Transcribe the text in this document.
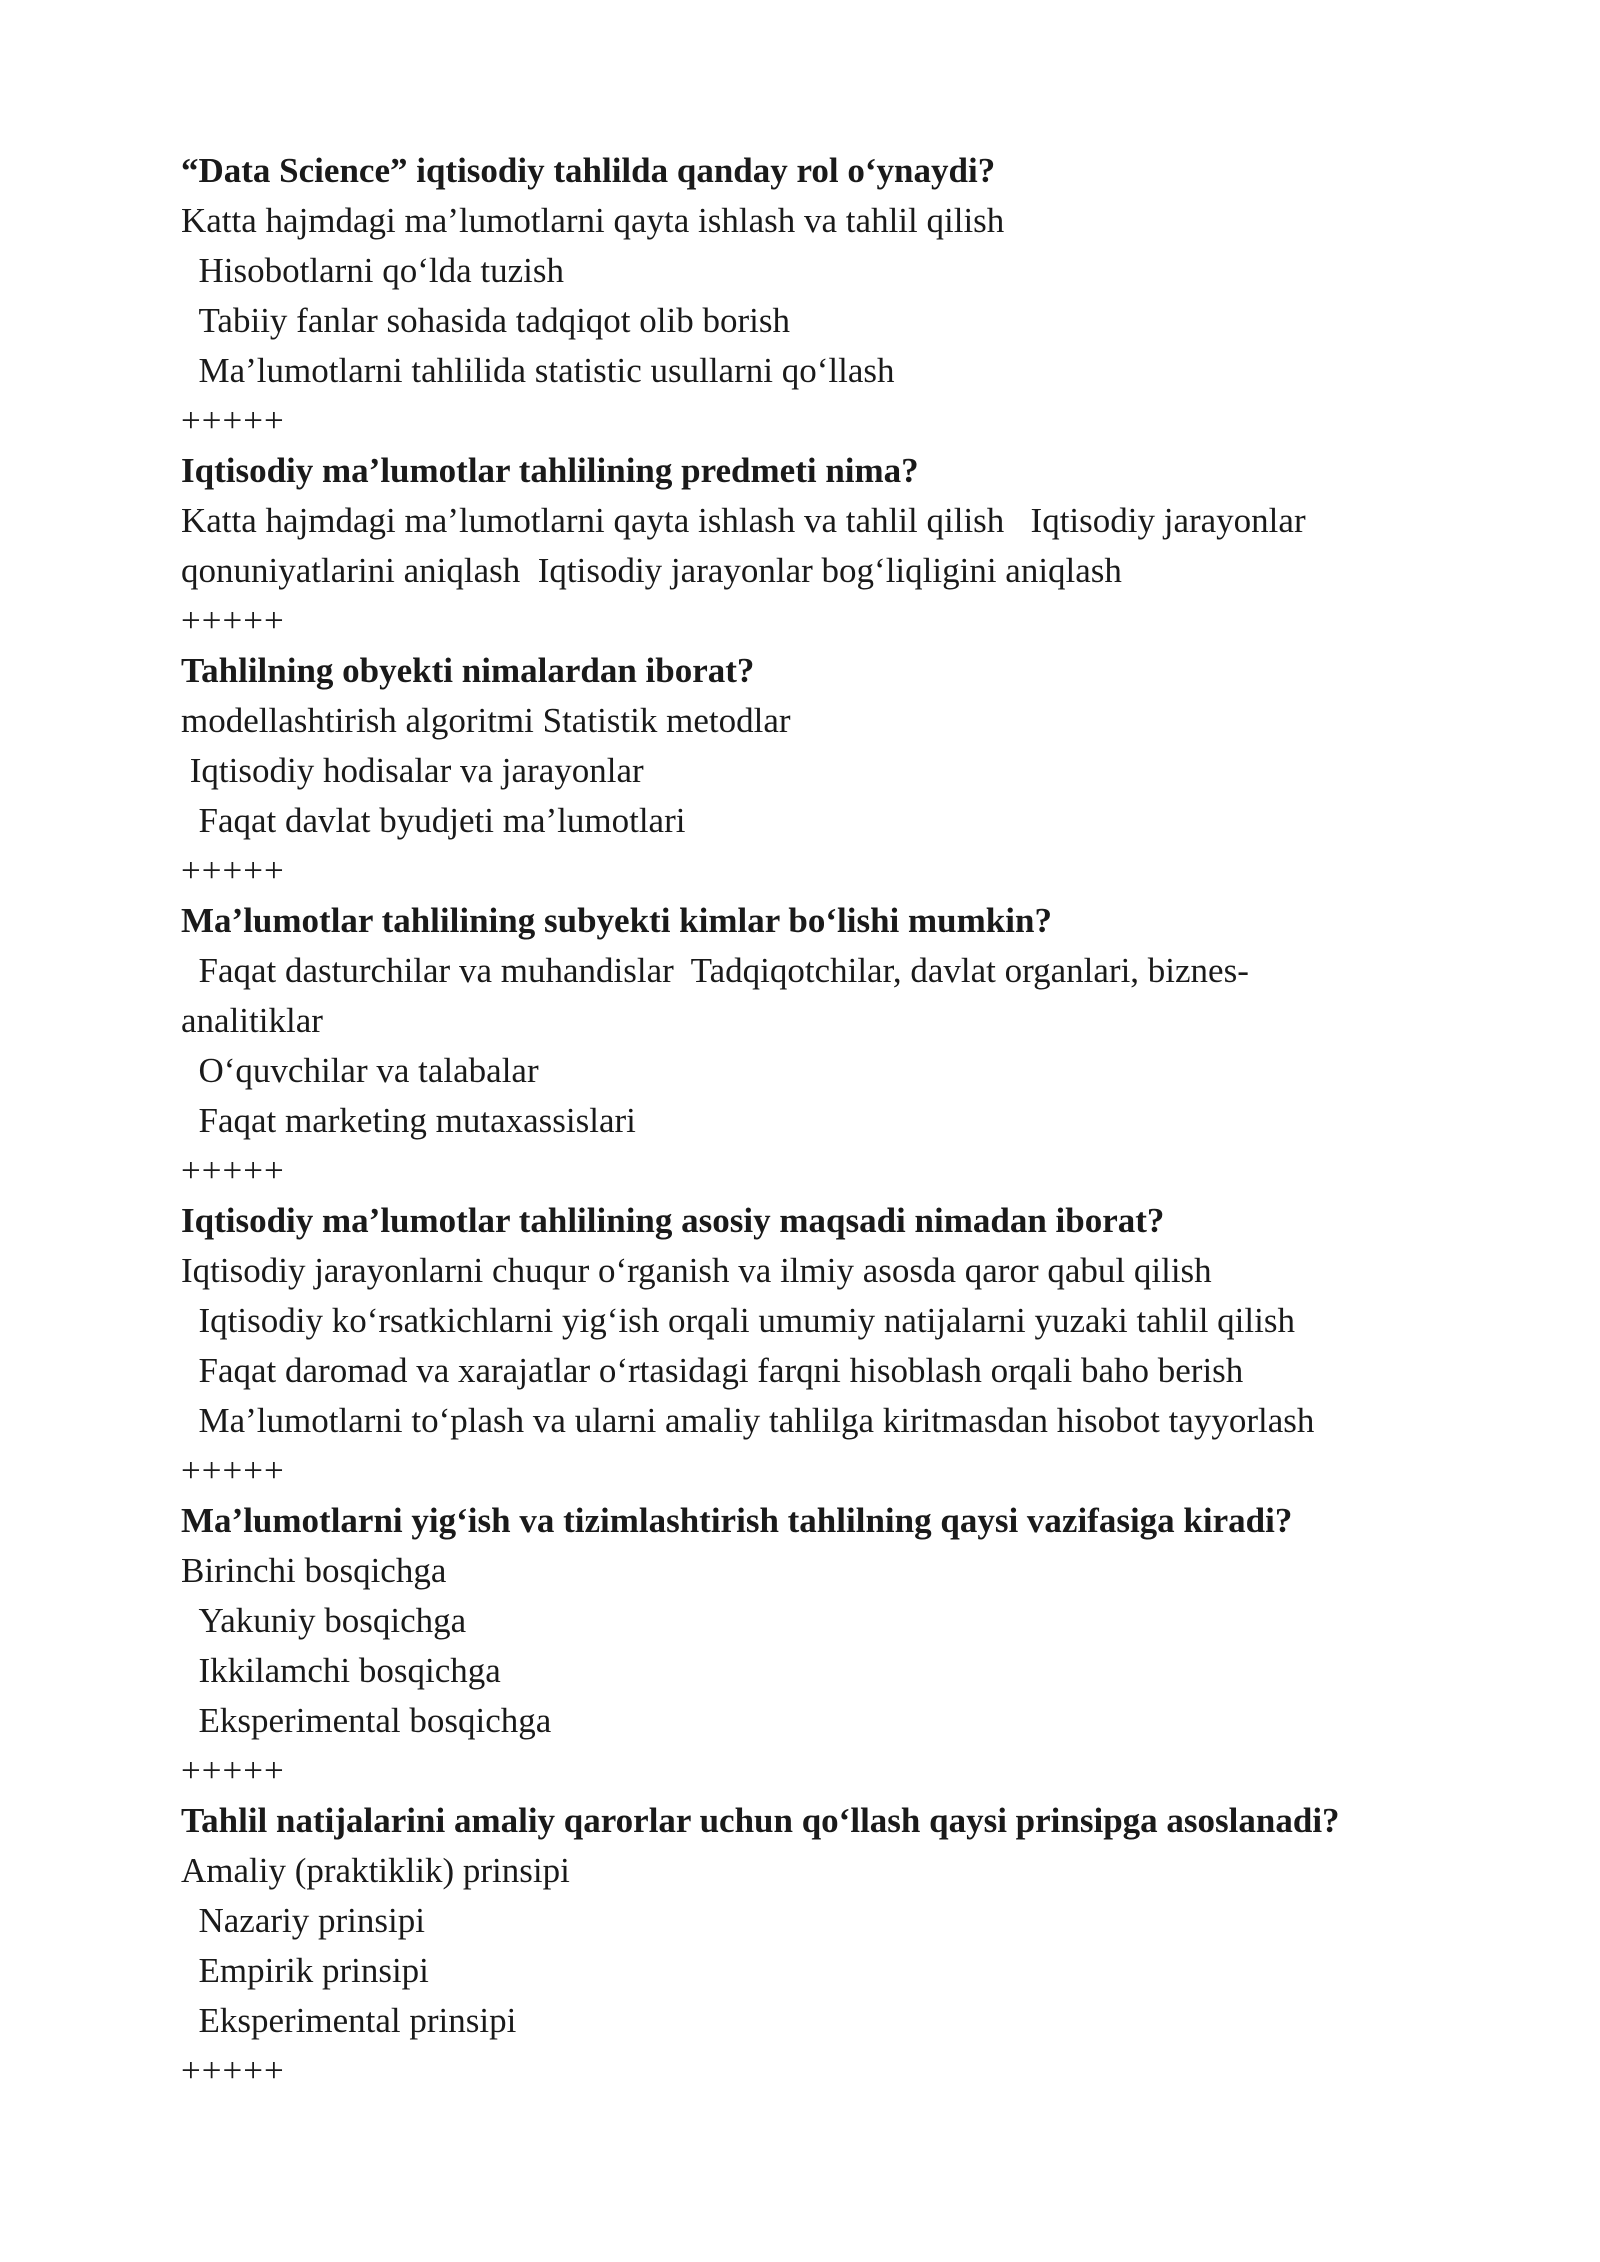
“Data Science” iqtisodiy tahlilda qanday rol o‘ynaydi?

Katta hajmdagi ma’lumotlarni qayta ishlash va tahlil qilish

Hisobotlarni qo‘lda tuzish

Tabiiy fanlar sohasida tadqiqot olib borish

Ma’lumotlarni tahlilida statistic usullarni qo‘llash

+++++

Iqtisodiy ma’lumotlar tahlilining predmeti nima?

Katta hajmdagi ma’lumotlarni qayta ishlash va tahlil qilish   Iqtisodiy jarayonlar

qonuniyatlarini aniqlash  Iqtisodiy jarayonlar bog‘liqligini aniqlash

+++++

Tahlilning obyekti nimalardan iborat?

modellashtirish algoritmi Statistik metodlar

Iqtisodiy hodisalar va jarayonlar

Faqat davlat byudjeti ma’lumotlari

+++++

Ma’lumotlar tahlilining subyekti kimlar bo‘lishi mumkin?

Faqat dasturchilar va muhandislar  Tadqiqotchilar, davlat organlari, biznes-

analitiklar

O‘quvchilar va talabalar

Faqat marketing mutaxassislari

+++++

Iqtisodiy ma’lumotlar tahlilining asosiy maqsadi nimadan iborat?

Iqtisodiy jarayonlarni chuqur o‘rganish va ilmiy asosda qaror qabul qilish

Iqtisodiy ko‘rsatkichlarni yig‘ish orqali umumiy natijalarni yuzaki tahlil qilish

Faqat daromad va xarajatlar o‘rtasidagi farqni hisoblash orqali baho berish

Ma’lumotlarni to‘plash va ularni amaliy tahlilga kiritmasdan hisobot tayyorlash

+++++

Ma’lumotlarni yig‘ish va tizimlashtirish tahlilning qaysi vazifasiga kiradi?

Birinchi bosqichga

Yakuniy bosqichga

Ikkilamchi bosqichga

Eksperimental bosqichga

+++++

Tahlil natijalarini amaliy qarorlar uchun qo‘llash qaysi prinsipga asoslanadi?

Amaliy (praktiklik) prinsipi

Nazariy prinsipi

Empirik prinsipi

Eksperimental prinsipi

+++++
